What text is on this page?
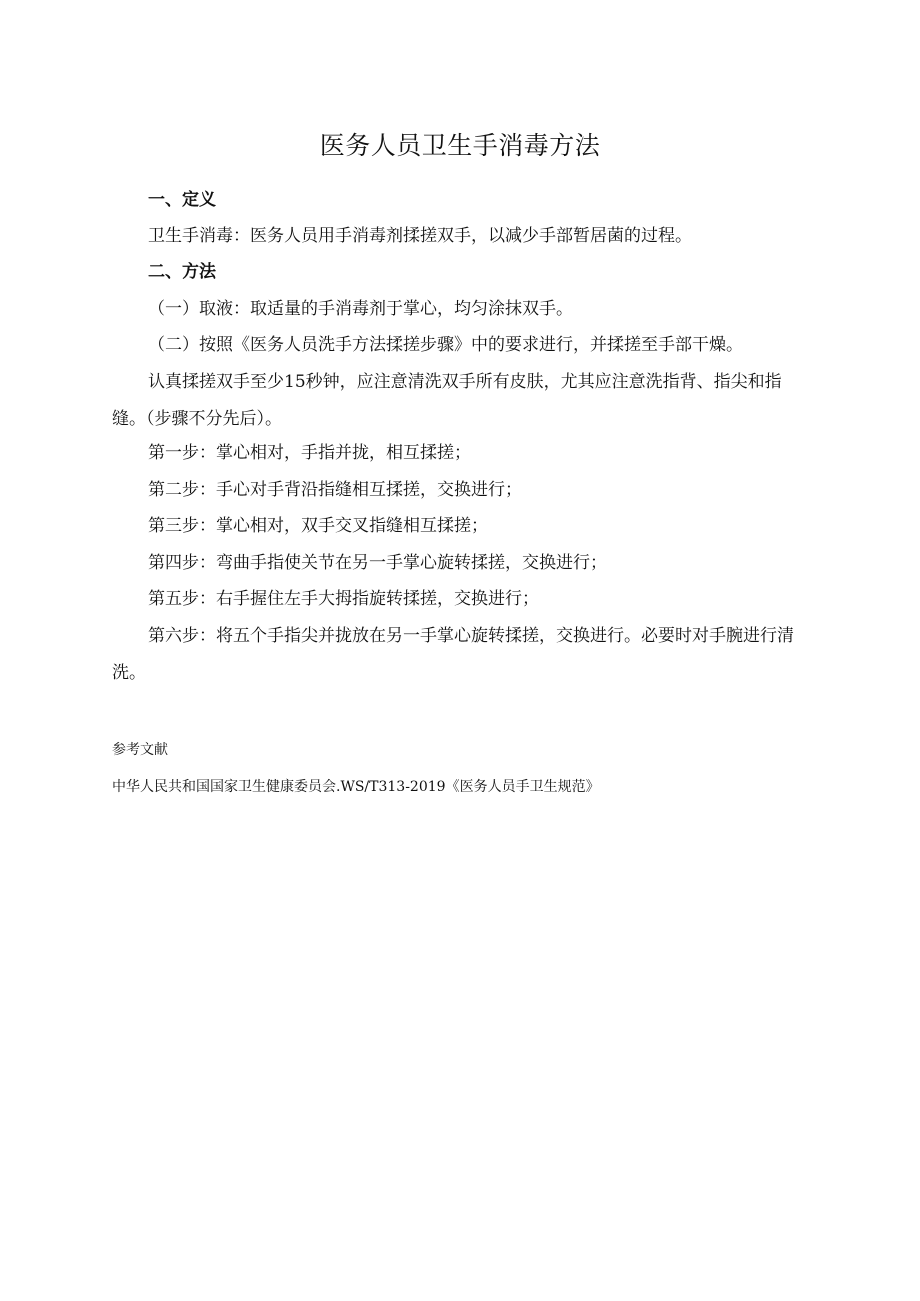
医务人员卫生手消毒方法
一、定义

卫生手消毒：医务人员用手消毒剂揉搓双手，以减少手部暂居菌的过程。

二、方法

（一）取液：取适量的手消毒剂于掌心，均匀涂抹双手。

（二）按照《医务人员洗手方法揉搓步骤》中的要求进行，并揉搓至手部干燥。

认真揉搓双手至少15秒钟，应注意清洗双手所有皮肤，尤其应注意洗指背、指尖和指缝。（步骤不分先后）。

第一步：掌心相对，手指并拢，相互揉搓；

第二步：手心对手背沿指缝相互揉搓，交换进行；

第三步：掌心相对，双手交叉指缝相互揉搓；

第四步：弯曲手指使关节在另一手掌心旋转揉搓，交换进行；

第五步：右手握住左手大拇指旋转揉搓，交换进行；

第六步：将五个手指尖并拢放在另一手掌心旋转揉搓，交换进行。必要时对手腕进行清洗。

参考文献
中华人民共和国国家卫生健康委员会.WS/T313-2019《医务人员手卫生规范》
